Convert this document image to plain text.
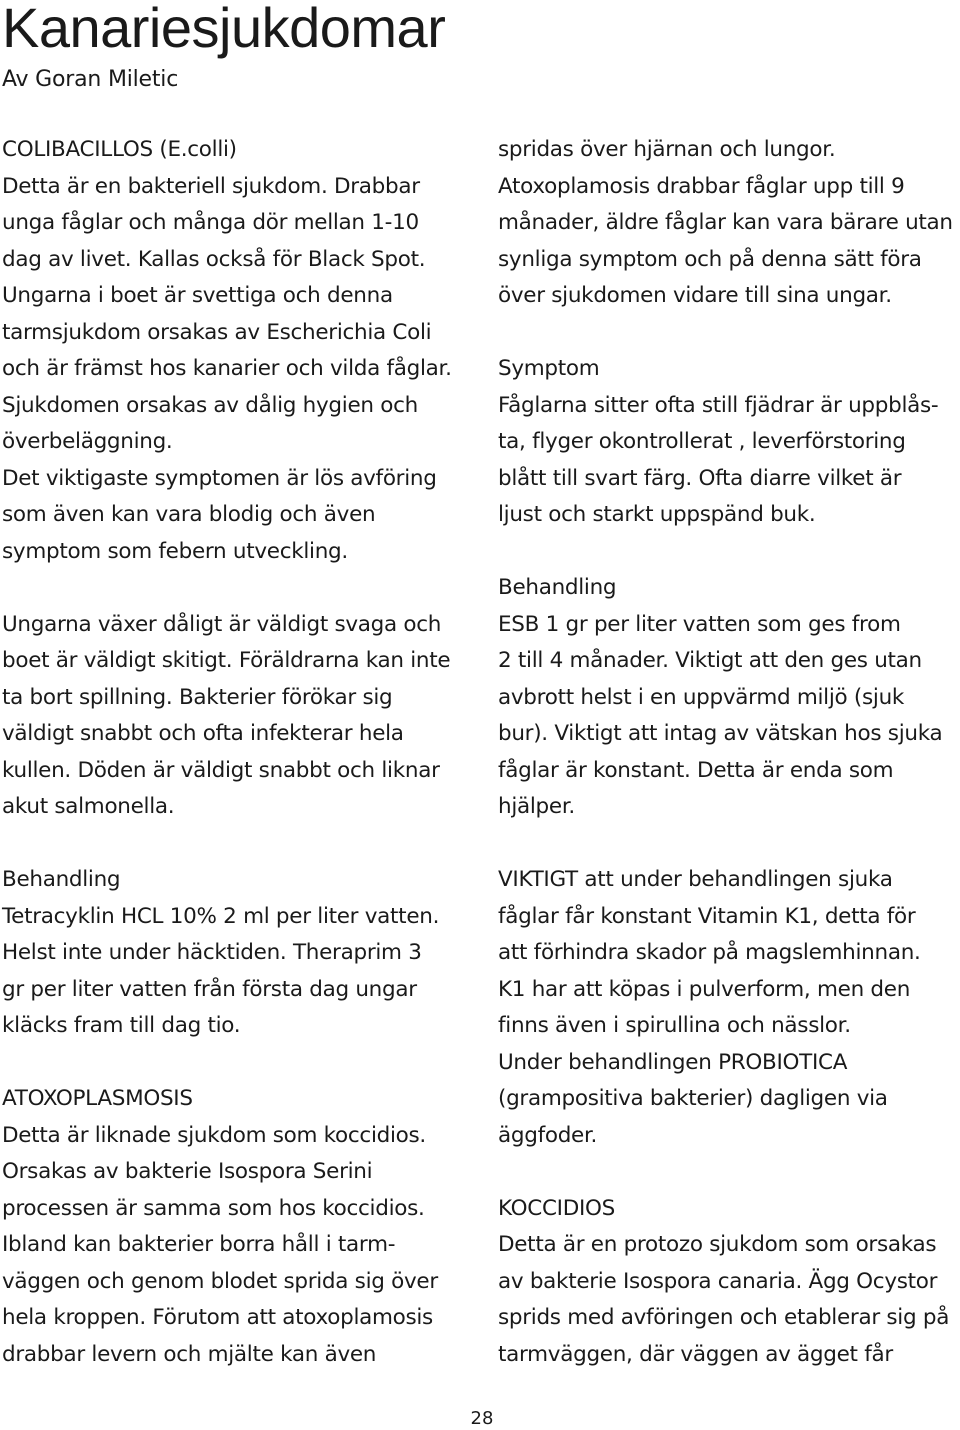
Kanariesjukdomar
Av Goran Miletic
COLIBACILLOS (E.colli)
Detta är en bakteriell sjukdom. Drabbar
unga fåglar och många dör mellan 1-10
dag av livet. Kallas också för Black Spot.
Ungarna i boet är svettiga och denna
tarmsjukdom orsakas av Escherichia Coli
och är främst hos kanarier och vilda fåglar.
Sjukdomen orsakas av dålig hygien och
överbeläggning.
Det viktigaste symptomen är lös avföring
som även kan vara blodig och även
symptom som febern utveckling.
Ungarna växer dåligt är väldigt svaga och
boet är väldigt skitigt. Föräldrarna kan inte
ta bort spillning. Bakterier förökar sig
väldigt snabbt och ofta infekterar hela
kullen. Döden är väldigt snabbt och liknar
akut salmonella.
Behandling
Tetracyklin HCL 10% 2 ml per liter vatten.
Helst inte under häcktiden. Theraprim 3
gr per liter vatten från första dag ungar
kläcks fram till dag tio.
ATOXOPLASMOSIS
Detta är liknade sjukdom som koccidios.
Orsakas av bakterie Isospora Serini
processen är samma som hos koccidios.
Ibland kan bakterier borra håll i tarm-
väggen och genom blodet sprida sig över
hela kroppen. Förutom att atoxoplamosis
drabbar levern och mjälte kan även
spridas över hjärnan och lungor.
Atoxoplamosis drabbar fåglar upp till 9
månader, äldre fåglar kan vara bärare utan
synliga symptom och på denna sätt föra
över sjukdomen vidare till sina ungar.
Symptom
Fåglarna sitter ofta still fjädrar är uppblås-
ta, flyger okontrollerat , leverförstoring
blått till svart färg. Ofta diarre vilket är
ljust och starkt uppspänd buk.
Behandling
ESB 1 gr per liter vatten som ges from
2 till 4 månader. Viktigt att den ges utan
avbrott helst i en uppvärmd miljö (sjuk
bur). Viktigt att intag av vätskan hos sjuka
fåglar är konstant. Detta är enda som
hjälper.
VIKTIGT att under behandlingen sjuka
fåglar får konstant Vitamin K1, detta för
att förhindra skador på magslemhinnan.
K1 har att köpas i pulverform, men den
finns även i spirullina och nässlor.
Under behandlingen PROBIOTICA
(grampositiva bakterier) dagligen via
äggfoder.
KOCCIDIOS
Detta är en protozo sjukdom som orsakas
av bakterie Isospora canaria. Ägg Ocystor
sprids med avföringen och etablerar sig på
tarmväggen, där väggen av ägget får
28
